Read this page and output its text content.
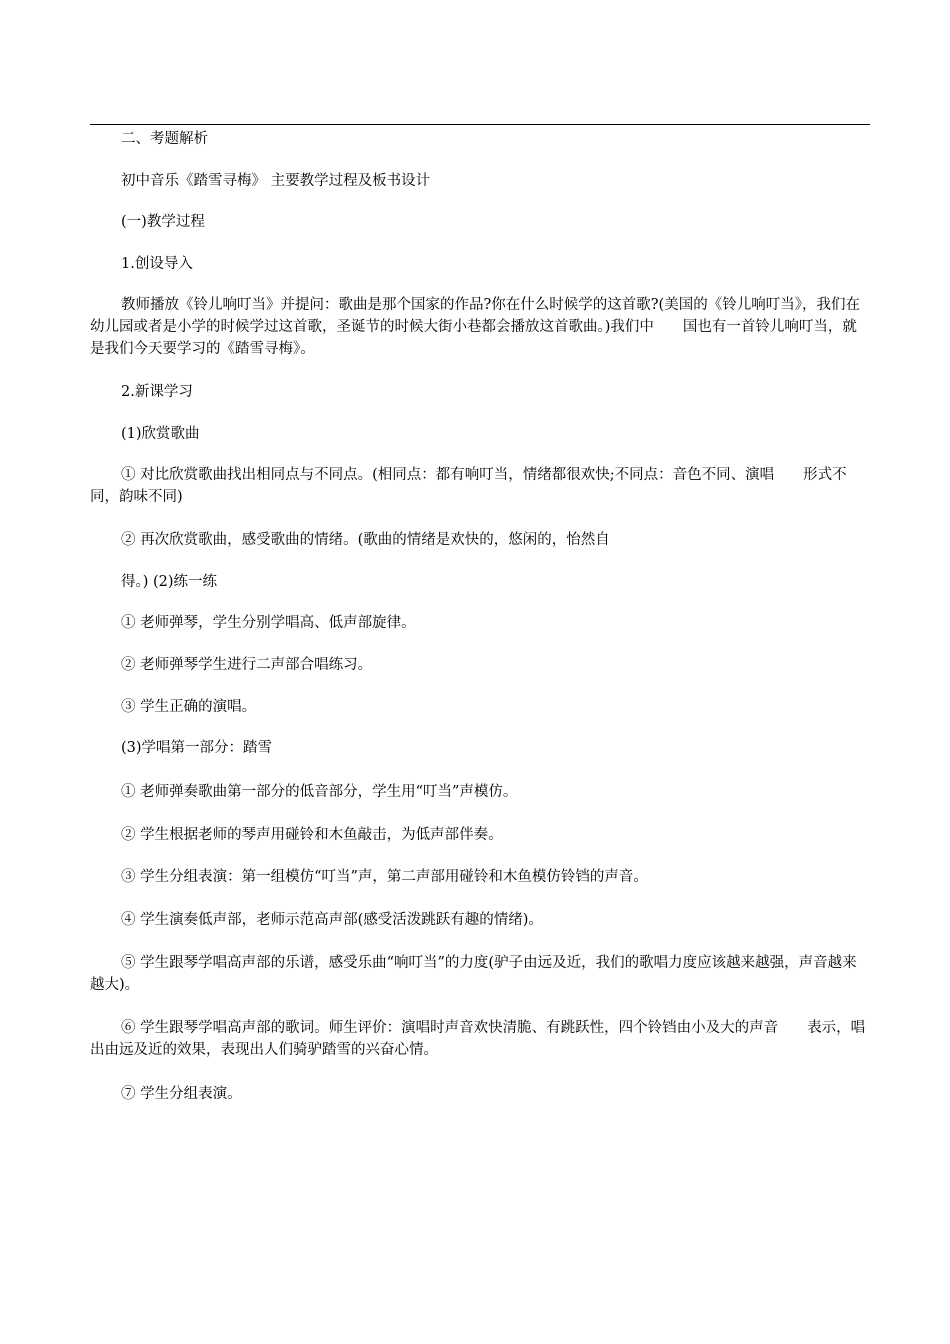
二、考题解析

初中音乐《踏雪寻梅》 主要教学过程及板书设计

(一)教学过程

1.创设导入

教师播放《铃儿响叮当》并提问：歌曲是那个国家的作品?你在什么时候学的这首歌?(美国的《铃儿响叮当》，我们在幼儿园或者是小学的时候学过这首歌，圣诞节的时候大街小巷都会播放这首歌曲。)我们中　　国也有一首铃儿响叮当，就是我们今天要学习的《踏雪寻梅》。

2.新课学习

(1)欣赏歌曲

① 对比欣赏歌曲找出相同点与不同点。(相同点：都有响叮当，情绪都很欢快;不同点：音色不同、演唱　　形式不同，韵味不同)

② 再次欣赏歌曲，感受歌曲的情绪。(歌曲的情绪是欢快的，悠闲的，怡然自

得。) (2)练一练

① 老师弹琴，学生分别学唱高、低声部旋律。

② 老师弹琴学生进行二声部合唱练习。

③ 学生正确的演唱。

(3)学唱第一部分：踏雪

① 老师弹奏歌曲第一部分的低音部分，学生用“叮当”声模仿。

② 学生根据老师的琴声用碰铃和木鱼敲击，为低声部伴奏。

③ 学生分组表演：第一组模仿“叮当”声，第二声部用碰铃和木鱼模仿铃铛的声音。

④ 学生演奏低声部，老师示范高声部(感受活泼跳跃有趣的情绪)。

⑤ 学生跟琴学唱高声部的乐谱，感受乐曲“响叮当”的力度(驴子由远及近，我们的歌唱力度应该越来越强，声音越来越大)。

⑥ 学生跟琴学唱高声部的歌词。师生评价：演唱时声音欢快清脆、有跳跃性，四个铃铛由小及大的声音　　表示，唱出由远及近的效果，表现出人们骑驴踏雪的兴奋心情。

⑦ 学生分组表演。
